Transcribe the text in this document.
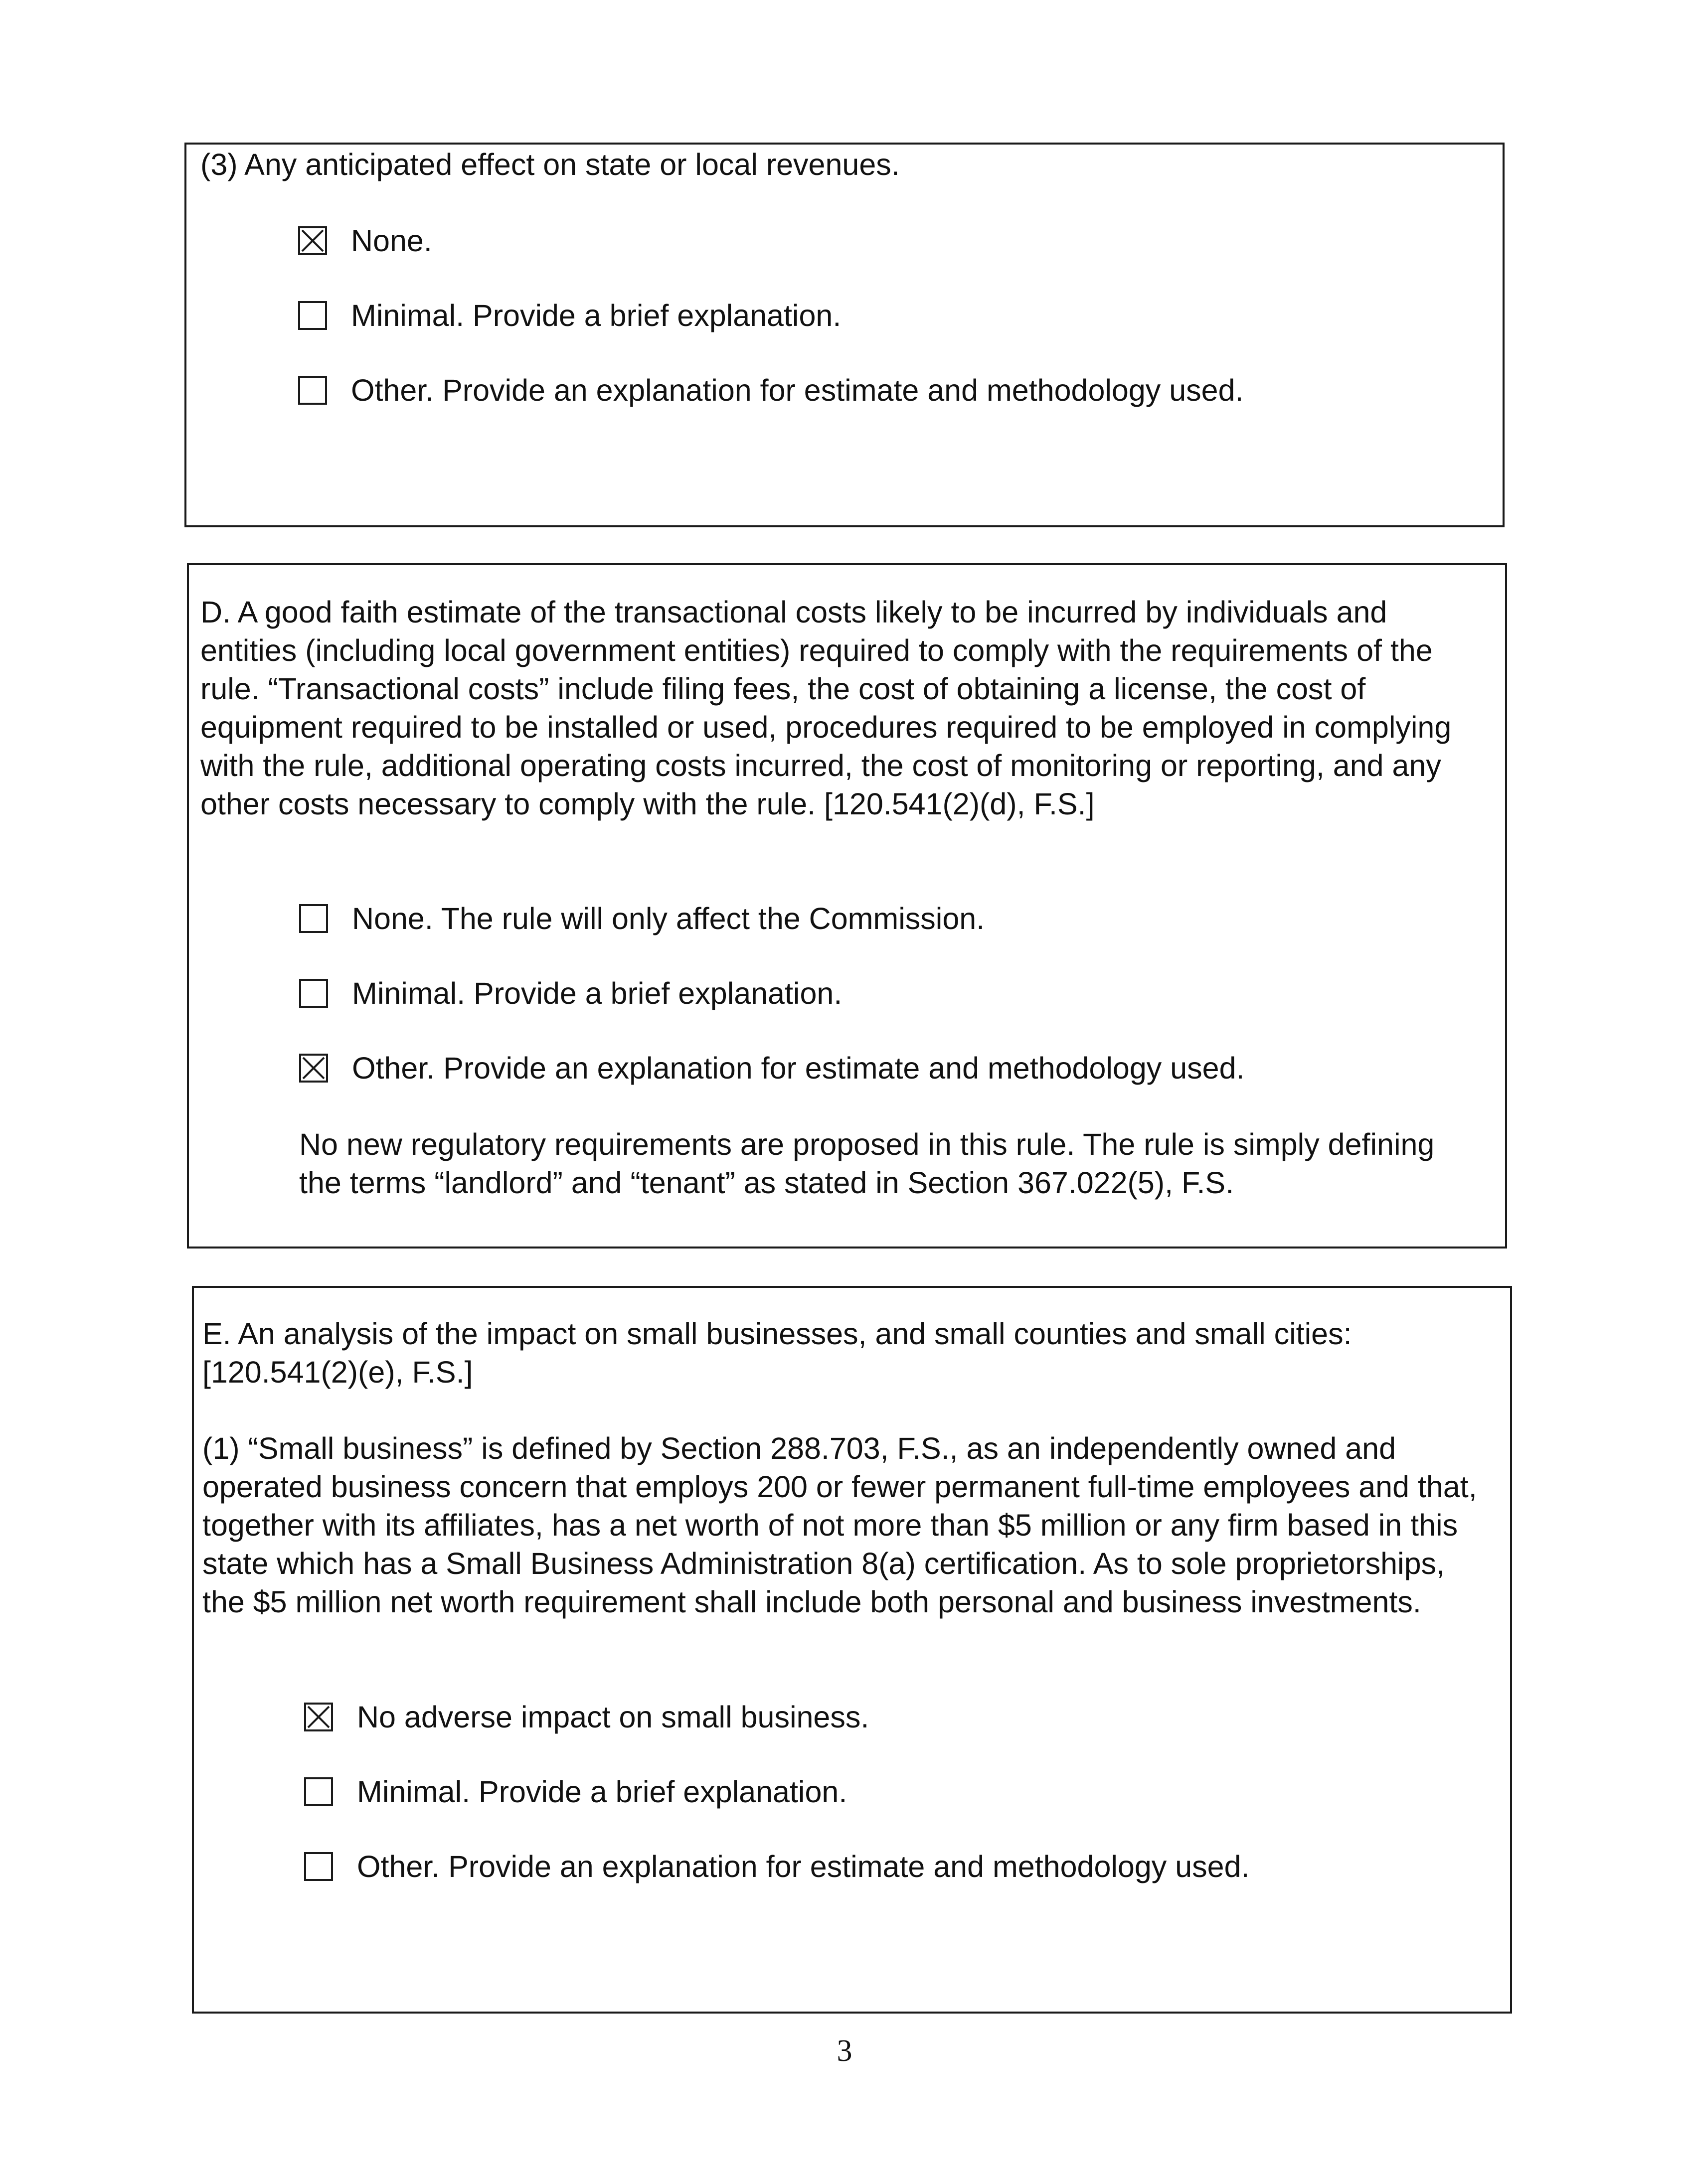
(3) Any anticipated effect on state or local revenues.

None.
Minimal. Provide a brief explanation.
Other. Provide an explanation for estimate and methodology used.

D. A good faith estimate of the transactional costs likely to be incurred by individuals and entities (including local government entities) required to comply with the requirements of the rule. “Transactional costs” include filing fees, the cost of obtaining a license, the cost of equipment required to be installed or used, procedures required to be employed in complying with the rule, additional operating costs incurred, the cost of monitoring or reporting, and any other costs necessary to comply with the rule. [120.541(2)(d), F.S.]

None. The rule will only affect the Commission.
Minimal. Provide a brief explanation.
Other. Provide an explanation for estimate and methodology used.

No new regulatory requirements are proposed in this rule. The rule is simply defining the terms “landlord” and “tenant” as stated in Section 367.022(5), F.S.

E. An analysis of the impact on small businesses, and small counties and small cities: [120.541(2)(e), F.S.]

(1) “Small business” is defined by Section 288.703, F.S., as an independently owned and operated business concern that employs 200 or fewer permanent full-time employees and that, together with its affiliates, has a net worth of not more than $5 million or any firm based in this state which has a Small Business Administration 8(a) certification. As to sole proprietorships, the $5 million net worth requirement shall include both personal and business investments.

No adverse impact on small business.
Minimal. Provide a brief explanation.
Other. Provide an explanation for estimate and methodology used.
3
